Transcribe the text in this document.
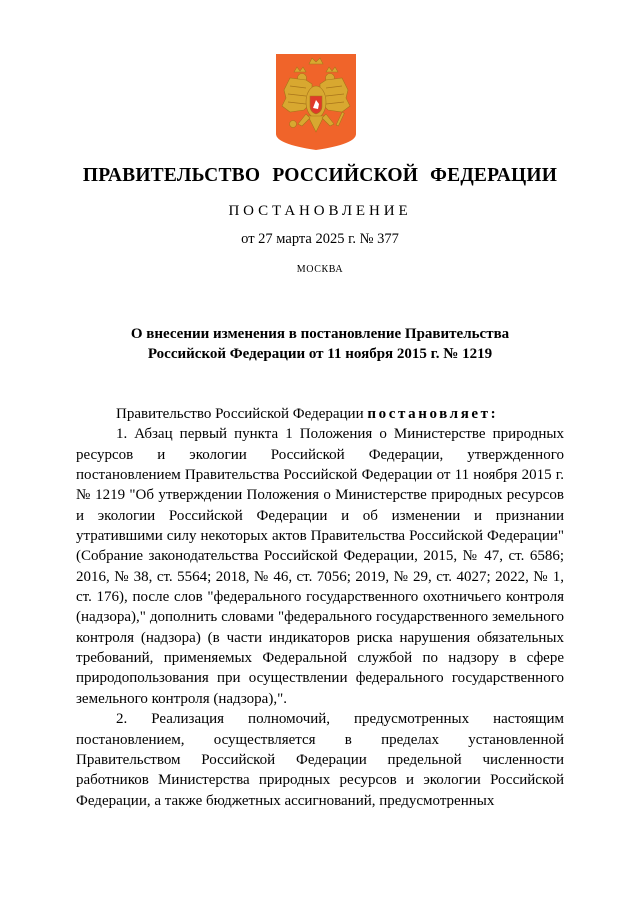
ПРАВИТЕЛЬСТВО РОССИЙСКОЙ ФЕДЕРАЦИИ
ПОСТАНОВЛЕНИЕ
от 27 марта 2025 г. № 377
МОСКВА
О внесении изменения в постановление Правительства
Российской Федерации от 11 ноября 2015 г. № 1219

Правительство Российской Федерации постановляет:

1. Абзац первый пункта 1 Положения о Министерстве природных ресурсов и экологии Российской Федерации, утвержденного постановлением Правительства Российской Федерации от 11 ноября 2015 г. № 1219 "Об утверждении Положения о Министерстве природных ресурсов и экологии Российской Федерации и об изменении и признании утратившими силу некоторых актов Правительства Российской Федерации" (Собрание законодательства Российской Федерации, 2015, № 47, ст. 6586; 2016, № 38, ст. 5564; 2018, № 46, ст. 7056; 2019, № 29, ст. 4027; 2022, № 1, ст. 176), после слов "федерального государственного охотничьего контроля (надзора)," дополнить словами "федерального государственного земельного контроля (надзора) (в части индикаторов риска нарушения обязательных требований, применяемых Федеральной службой по надзору в сфере природопользования при осуществлении федерального государственного земельного контроля (надзора),".

2. Реализация полномочий, предусмотренных настоящим постановлением, осуществляется в пределах установленной Правительством Российской Федерации предельной численности работников Министерства природных ресурсов и экологии Российской Федерации, а также бюджетных ассигнований, предусмотренных
